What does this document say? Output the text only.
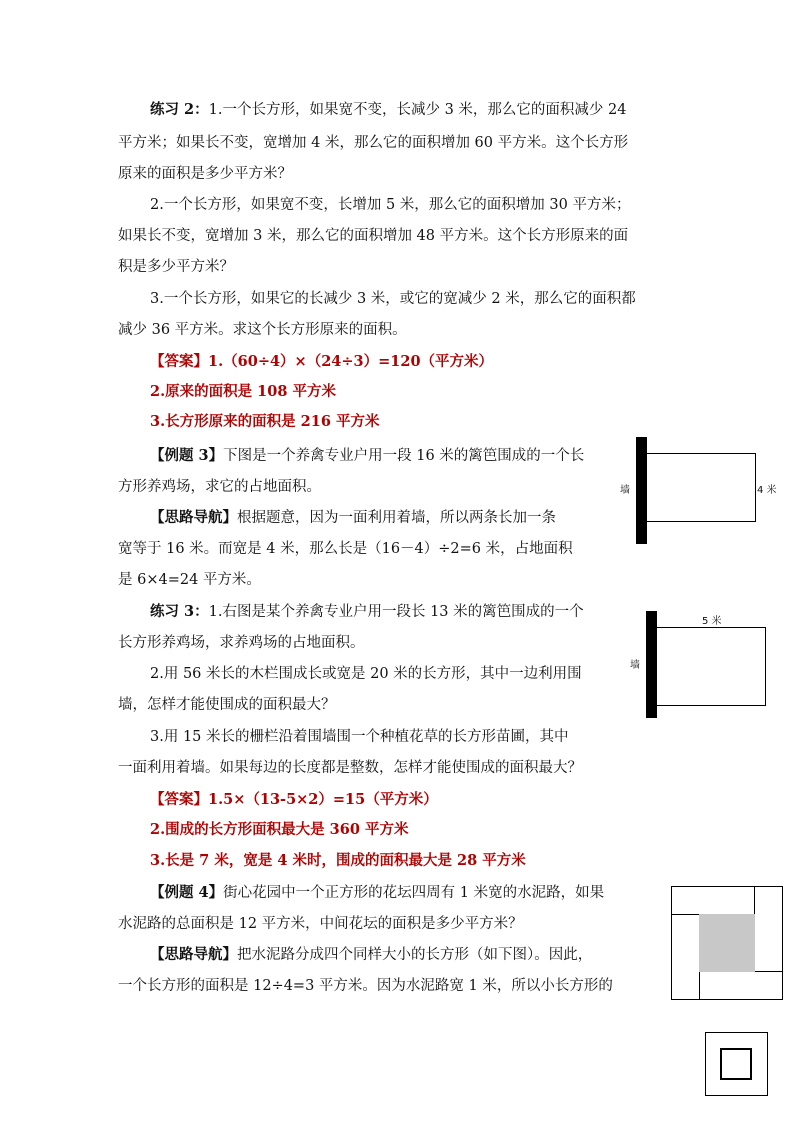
练习 2：1.一个长方形，如果宽不变，长减少 3 米，那么它的面积减少 24
平方米；如果长不变，宽增加 4 米，那么它的面积增加 60 平方米。这个长方形
原来的面积是多少平方米？
2.一个长方形，如果宽不变，长增加 5 米，那么它的面积增加 30 平方米；
如果长不变，宽增加 3 米，那么它的面积增加 48 平方米。这个长方形原来的面
积是多少平方米？
3.一个长方形，如果它的长减少 3 米，或它的宽减少 2 米，那么它的面积都
减少 36 平方米。求这个长方形原来的面积。
【答案】1.（60÷4）×（24÷3）=120（平方米）
2.原来的面积是 108 平方米
3.长方形原来的面积是 216 平方米
【例题 3】下图是一个养禽专业户用一段 16 米的篱笆围成的一个长
方形养鸡场，求它的占地面积。
【思路导航】根据题意，因为一面利用着墙，所以两条长加一条
宽等于 16 米。而宽是 4 米，那么长是（16－4）÷2=6 米，占地面积
是 6×4=24 平方米。
墙	4 米
练习 3：1.右图是某个养禽专业户用一段长 13 米的篱笆围成的一个
长方形养鸡场，求养鸡场的占地面积。
2.用 56 米长的木栏围成长或宽是 20 米的长方形，其中一边利用围
墙，怎样才能使围成的面积最大？
3.用 15 米长的栅栏沿着围墙围一个种植花草的长方形苗圃，其中
一面利用着墙。如果每边的长度都是整数，怎样才能使围成的面积最大？
【答案】1.5×（13-5×2）=15（平方米）
2.围成的长方形面积最大是 360 平方米
3.长是 7 米，宽是 4 米时，围成的面积最大是 28 平方米
墙
5 米
【例题 4】街心花园中一个正方形的花坛四周有 1 米宽的水泥路，如果
水泥路的总面积是 12 平方米，中间花坛的面积是多少平方米？
【思路导航】把水泥路分成四个同样大小的长方形（如下图）。因此，
一个长方形的面积是 12÷4=3 平方米。因为水泥路宽 1 米，所以小长方形的
